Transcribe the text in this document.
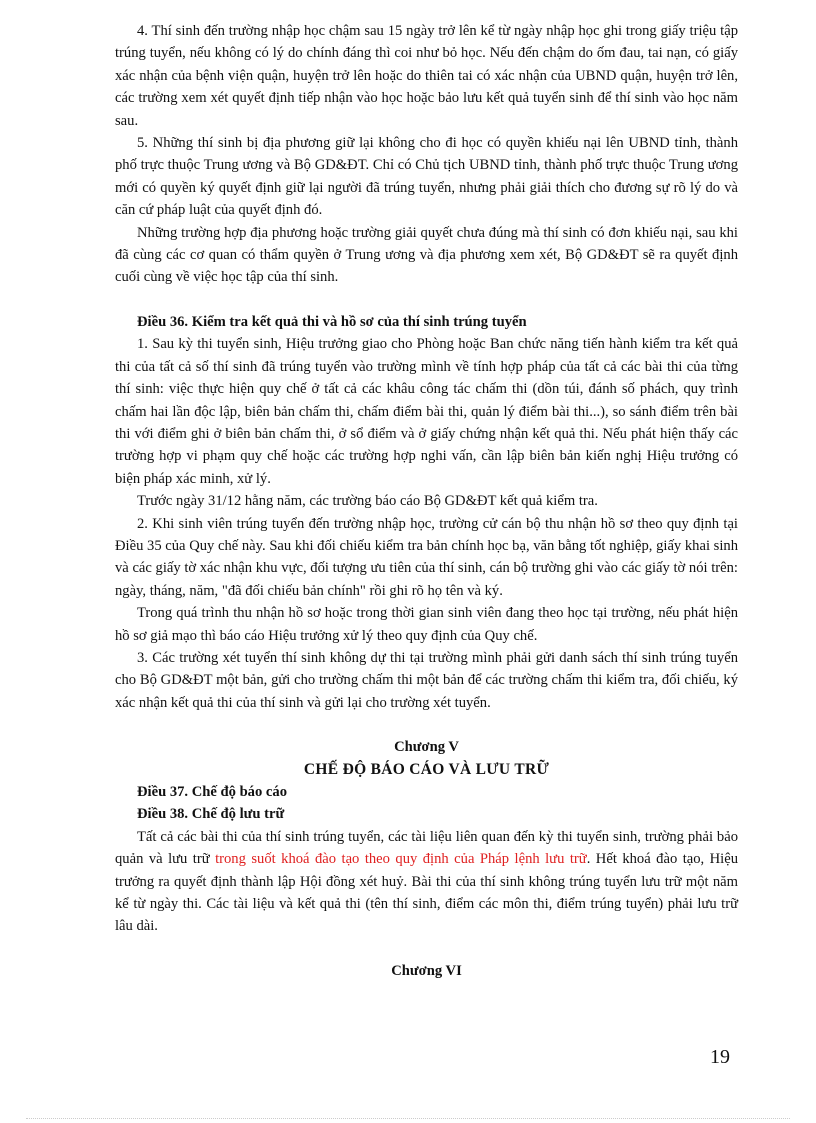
4. Thí sinh đến trường nhập học chậm sau 15 ngày trở lên kể từ ngày nhập học ghi trong giấy triệu tập trúng tuyển, nếu không có lý do chính đáng thì coi như bỏ học. Nếu đến chậm do ốm đau, tai nạn, có giấy xác nhận của bệnh viện quận, huyện trở lên hoặc do thiên tai có xác nhận của UBND quận, huyện trở lên, các trường xem xét quyết định tiếp nhận vào học hoặc bảo lưu kết quả tuyển sinh để thí sinh vào học năm sau.

5. Những thí sinh bị địa phương giữ lại không cho đi học có quyền khiếu nại lên UBND tỉnh, thành phố trực thuộc Trung ương và Bộ GD&ĐT. Chỉ có Chủ tịch UBND tỉnh, thành phố trực thuộc Trung ương mới có quyền ký quyết định giữ lại người đã trúng tuyển, nhưng phải giải thích cho đương sự rõ lý do và căn cứ pháp luật của quyết định đó.

Những trường hợp địa phương hoặc trường giải quyết chưa đúng mà thí sinh có đơn khiếu nại, sau khi đã cùng các cơ quan có thẩm quyền ở Trung ương và địa phương xem xét, Bộ GD&ĐT sẽ ra quyết định cuối cùng về việc học tập của thí sinh.

Điều 36. Kiểm tra kết quả thi và hồ sơ của thí sinh trúng tuyển

1. Sau kỳ thi tuyển sinh, Hiệu trưởng giao cho Phòng hoặc Ban chức năng tiến hành kiểm tra kết quả thi của tất cả số thí sinh đã trúng tuyển vào trường mình về tính hợp pháp của tất cả các bài thi của từng thí sinh: việc thực hiện quy chế ở tất cả các khâu công tác chấm thi (dồn túi, đánh số phách, quy trình chấm hai lần độc lập, biên bản chấm thi, chấm điểm bài thi, quản lý điểm bài thi...), so sánh điểm trên bài thi với điểm ghi ở biên bản chấm thi, ở sổ điểm và ở giấy chứng nhận kết quả thi. Nếu phát hiện thấy các trường hợp vi phạm quy chế hoặc các trường hợp nghi vấn, cần lập biên bản kiến nghị Hiệu trưởng có biện pháp xác minh, xử lý.

Trước ngày 31/12 hằng năm, các trường báo cáo Bộ GD&ĐT kết quả kiểm tra.

2. Khi sinh viên trúng tuyển đến trường nhập học, trường cử cán bộ thu nhận hồ sơ theo quy định tại Điều 35 của Quy chế này. Sau khi đối chiếu kiểm tra bản chính học bạ, văn bằng tốt nghiệp, giấy khai sinh và các giấy tờ xác nhận khu vực, đối tượng ưu tiên của thí sinh, cán bộ trường ghi vào các giấy tờ nói trên: ngày, tháng, năm, "đã đối chiếu bản chính" rồi ghi rõ họ tên và ký.

Trong quá trình thu nhận hồ sơ hoặc trong thời gian sinh viên đang theo học tại trường, nếu phát hiện hồ sơ giả mạo thì báo cáo Hiệu trưởng xử lý theo quy định của Quy chế.

3. Các trường xét tuyển thí sinh không dự thi tại trường mình phải gửi danh sách thí sinh trúng tuyển cho Bộ GD&ĐT một bản, gửi cho trường chấm thi một bản để các trường chấm thi kiểm tra, đối chiếu, ký xác nhận kết quả thi của thí sinh và gửi lại cho trường xét tuyển.

Chương V

CHẾ ĐỘ BÁO CÁO VÀ LƯU TRỮ

Điều 37. Chế độ báo cáo

Điều 38. Chế độ lưu trữ

Tất cả các bài thi của thí sinh trúng tuyển, các tài liệu liên quan đến kỳ thi tuyển sinh, trường phải bảo quản và lưu trữ trong suốt khoá đào tạo theo quy định của Pháp lệnh lưu trữ. Hết khoá đào tạo, Hiệu trưởng ra quyết định thành lập Hội đồng xét huỷ. Bài thi của thí sinh không trúng tuyển lưu trữ một năm kể từ ngày thi. Các tài liệu và kết quả thi (tên thí sinh, điểm các môn thi, điểm trúng tuyển) phải lưu trữ lâu dài.

Chương VI

19
